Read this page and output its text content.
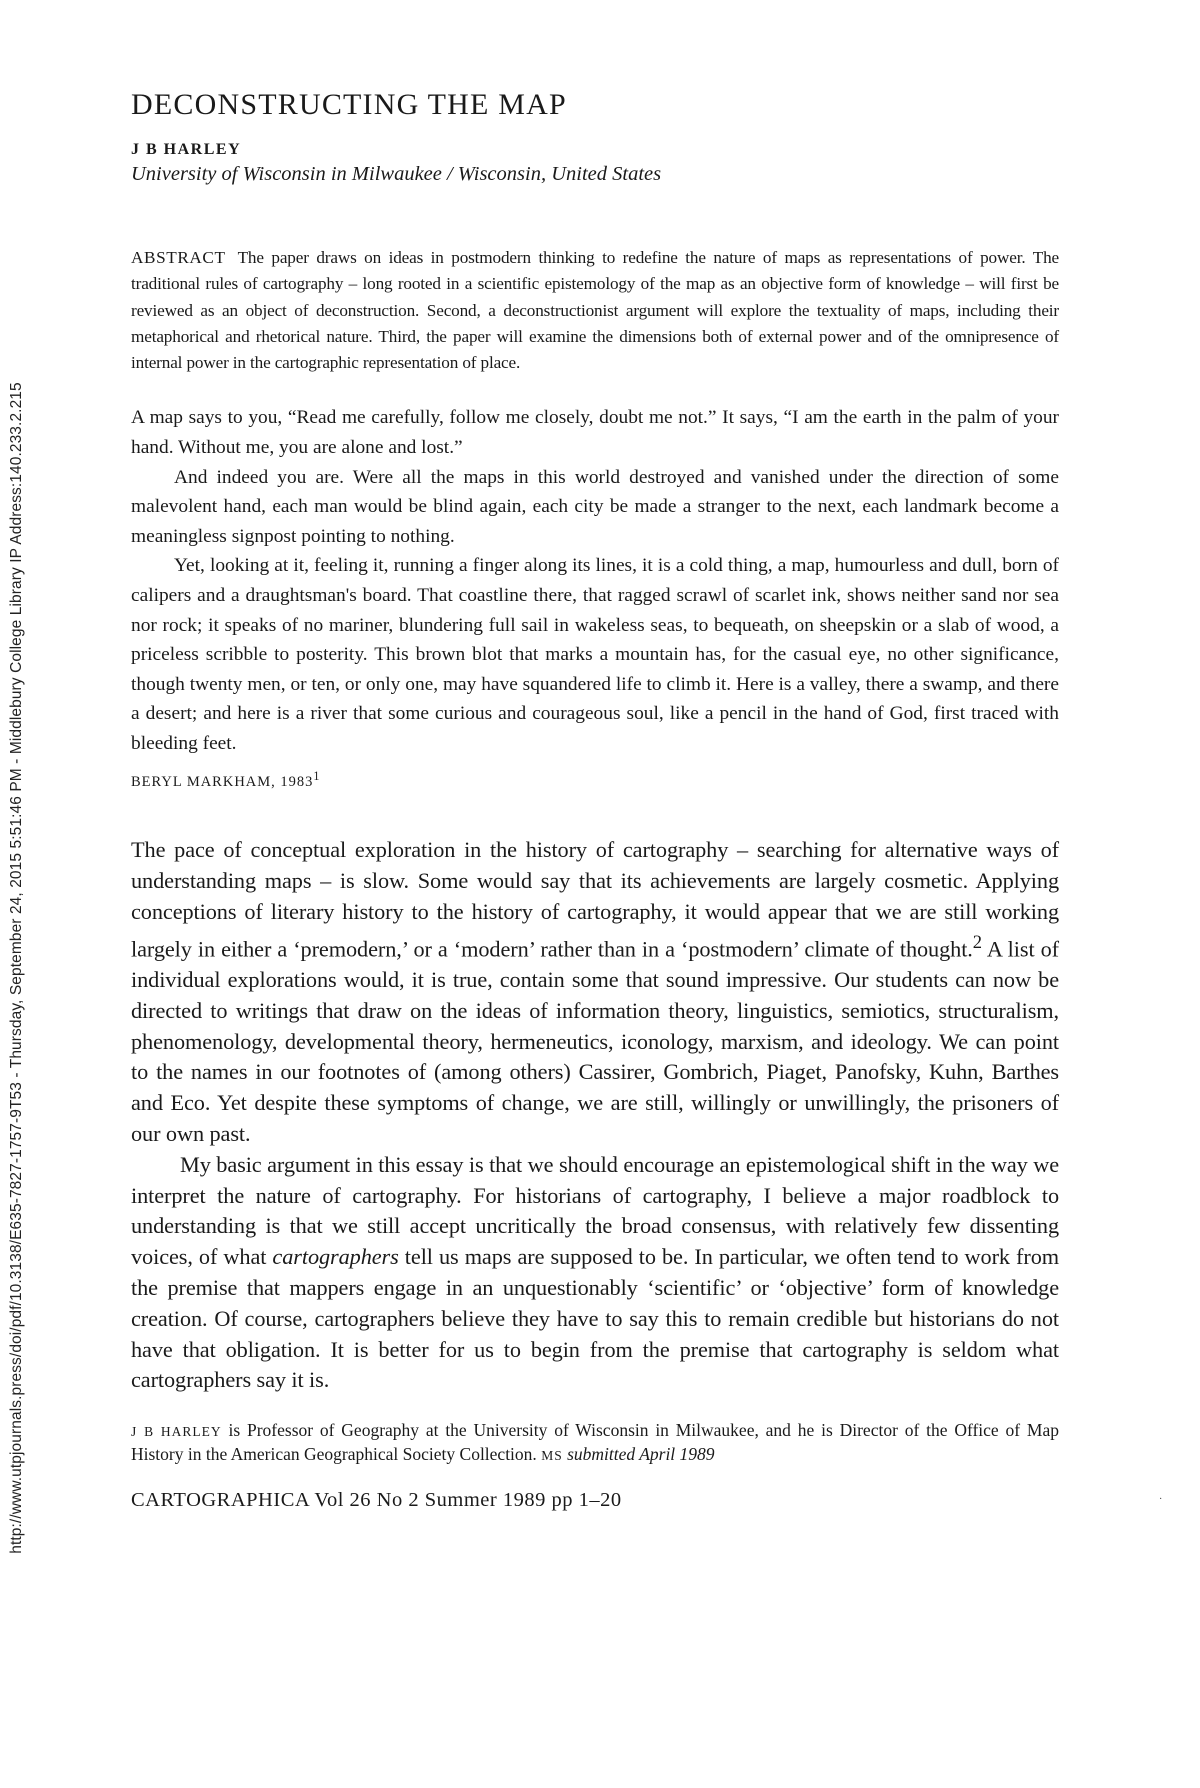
http://www.utpjournals.press/doi/pdf/10.3138/E635-7827-1757-9T53 - Thursday, September 24, 2015 5:51:46 PM - Middlebury College Library IP Address:140.233.2.215
DECONSTRUCTING THE MAP
J B HARLEY
University of Wisconsin in Milwaukee / Wisconsin, United States
ABSTRACT The paper draws on ideas in postmodern thinking to redefine the nature of maps as representations of power. The traditional rules of cartography – long rooted in a scientific epistemology of the map as an objective form of knowledge – will first be reviewed as an object of deconstruction. Second, a deconstructionist argument will explore the textuality of maps, including their metaphorical and rhetorical nature. Third, the paper will examine the dimensions both of external power and of the omnipresence of internal power in the cartographic representation of place.

A map says to you, “Read me carefully, follow me closely, doubt me not.” It says, “I am the earth in the palm of your hand. Without me, you are alone and lost.”

And indeed you are. Were all the maps in this world destroyed and vanished under the direction of some malevolent hand, each man would be blind again, each city be made a stranger to the next, each landmark become a meaningless signpost pointing to nothing.

Yet, looking at it, feeling it, running a finger along its lines, it is a cold thing, a map, humourless and dull, born of calipers and a draughtsman's board. That coastline there, that ragged scrawl of scarlet ink, shows neither sand nor sea nor rock; it speaks of no mariner, blundering full sail in wakeless seas, to bequeath, on sheepskin or a slab of wood, a priceless scribble to posterity. This brown blot that marks a mountain has, for the casual eye, no other significance, though twenty men, or ten, or only one, may have squandered life to climb it. Here is a valley, there a swamp, and there a desert; and here is a river that some curious and courageous soul, like a pencil in the hand of God, first traced with bleeding feet.

BERYL MARKHAM, 1983$^1$

The pace of conceptual exploration in the history of cartography – searching for alternative ways of understanding maps – is slow. Some would say that its achievements are largely cosmetic. Applying conceptions of literary history to the history of cartography, it would appear that we are still working largely in either a ‘premodern,’ or a ‘modern’ rather than in a ‘postmodern’ climate of thought.$^2$ A list of individual explorations would, it is true, contain some that sound impressive. Our students can now be directed to writings that draw on the ideas of information theory, linguistics, semiotics, structuralism, phenomenology, developmental theory, hermeneutics, iconology, marxism, and ideology. We can point to the names in our footnotes of (among others) Cassirer, Gombrich, Piaget, Panofsky, Kuhn, Barthes and Eco. Yet despite these symptoms of change, we are still, willingly or unwillingly, the prisoners of our own past.

My basic argument in this essay is that we should encourage an epistemological shift in the way we interpret the nature of cartography. For historians of cartography, I believe a major roadblock to understanding is that we still accept uncritically the broad consensus, with relatively few dissenting voices, of what cartographers tell us maps are supposed to be. In particular, we often tend to work from the premise that mappers engage in an unquestionably ‘scientific’ or ‘objective’ form of knowledge creation. Of course, cartographers believe they have to say this to remain credible but historians do not have that obligation. It is better for us to begin from the premise that cartography is seldom what cartographers say it is.

J B HARLEY is Professor of Geography at the University of Wisconsin in Milwaukee, and he is Director of the Office of Map History in the American Geographical Society Collection. MS submitted April 1989
CARTOGRAPHICA Vol 26 No 2 Summer 1989 pp 1–20	·
